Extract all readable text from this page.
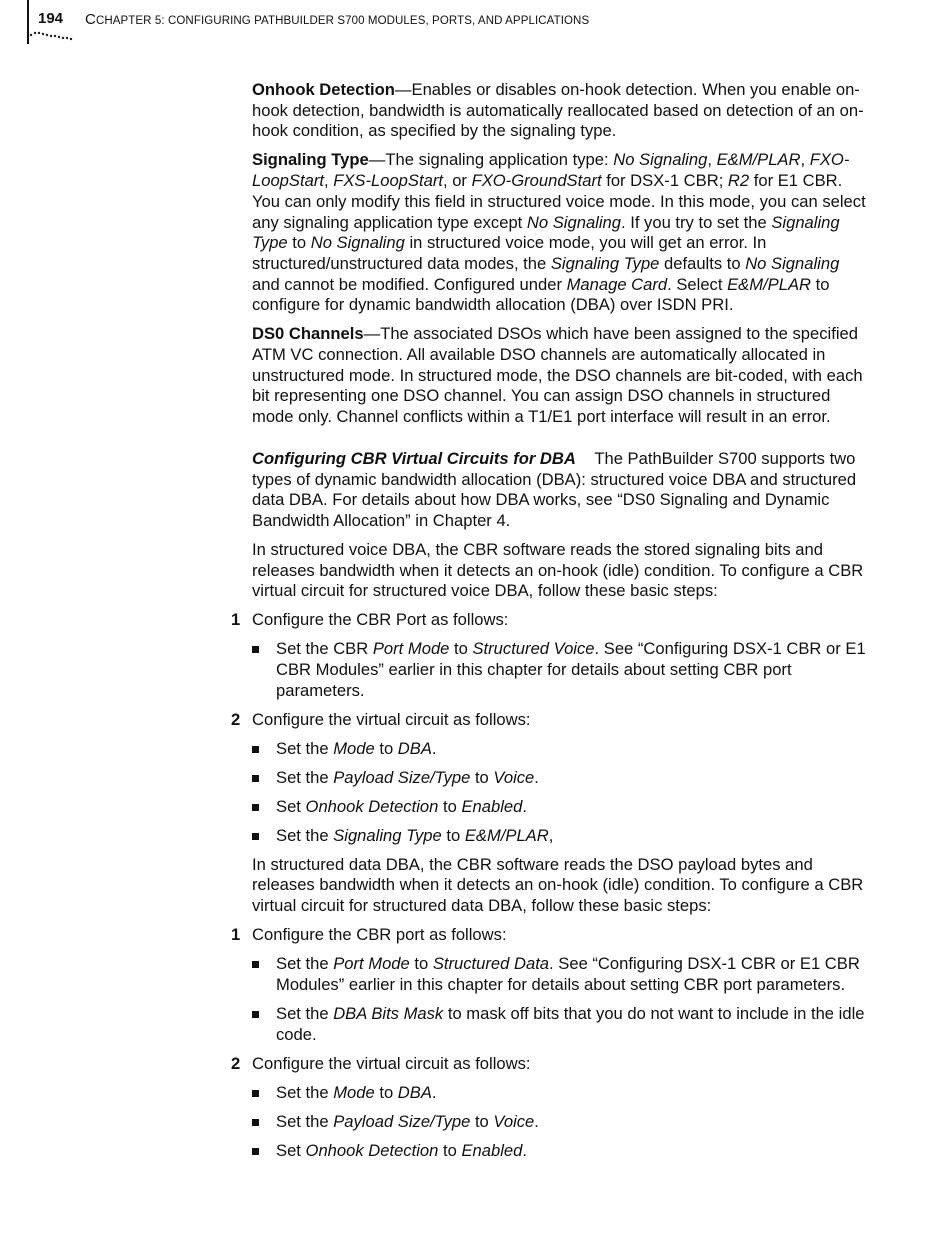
194 CCHAPTER 5: CONFIGURING PATHBUILDER S700 MODULES, PORTS, AND APPLICATIONS

Onhook Detection—Enables or disables on-hook detection. When you enable on-hook detection, bandwidth is automatically reallocated based on detection of an on-hook condition, as specified by the signaling type.

Signaling Type—The signaling application type: No Signaling, E&M/PLAR, FXO-LoopStart, FXS-LoopStart, or FXO-GroundStart for DSX-1 CBR; R2 for E1 CBR. You can only modify this field in structured voice mode. In this mode, you can select any signaling application type except No Signaling. If you try to set the Signaling Type to No Signaling in structured voice mode, you will get an error. In structured/unstructured data modes, the Signaling Type defaults to No Signaling and cannot be modified. Configured under Manage Card. Select E&M/PLAR to configure for dynamic bandwidth allocation (DBA) over ISDN PRI.

DS0 Channels—The associated DSOs which have been assigned to the specified ATM VC connection. All available DSO channels are automatically allocated in unstructured mode. In structured mode, the DSO channels are bit-coded, with each bit representing one DSO channel. You can assign DSO channels in structured mode only. Channel conflicts within a T1/E1 port interface will result in an error.

Configuring CBR Virtual Circuits for DBA The PathBuilder S700 supports two types of dynamic bandwidth allocation (DBA): structured voice DBA and structured data DBA. For details about how DBA works, see “DS0 Signaling and Dynamic Bandwidth Allocation” in Chapter 4.

In structured voice DBA, the CBR software reads the stored signaling bits and releases bandwidth when it detects an on-hook (idle) condition. To configure a CBR virtual circuit for structured voice DBA, follow these basic steps:

1 Configure the CBR Port as follows:
Set the CBR Port Mode to Structured Voice. See “Configuring DSX-1 CBR or E1 CBR Modules” earlier in this chapter for details about setting CBR port parameters.
2 Configure the virtual circuit as follows:
Set the Mode to DBA.
Set the Payload Size/Type to Voice.
Set Onhook Detection to Enabled.
Set the Signaling Type to E&M/PLAR,

In structured data DBA, the CBR software reads the DSO payload bytes and releases bandwidth when it detects an on-hook (idle) condition. To configure a CBR virtual circuit for structured data DBA, follow these basic steps:

1 Configure the CBR port as follows:
Set the Port Mode to Structured Data. See “Configuring DSX-1 CBR or E1 CBR Modules” earlier in this chapter for details about setting CBR port parameters.
Set the DBA Bits Mask to mask off bits that you do not want to include in the idle code.
2 Configure the virtual circuit as follows:
Set the Mode to DBA.
Set the Payload Size/Type to Voice.
Set Onhook Detection to Enabled.
